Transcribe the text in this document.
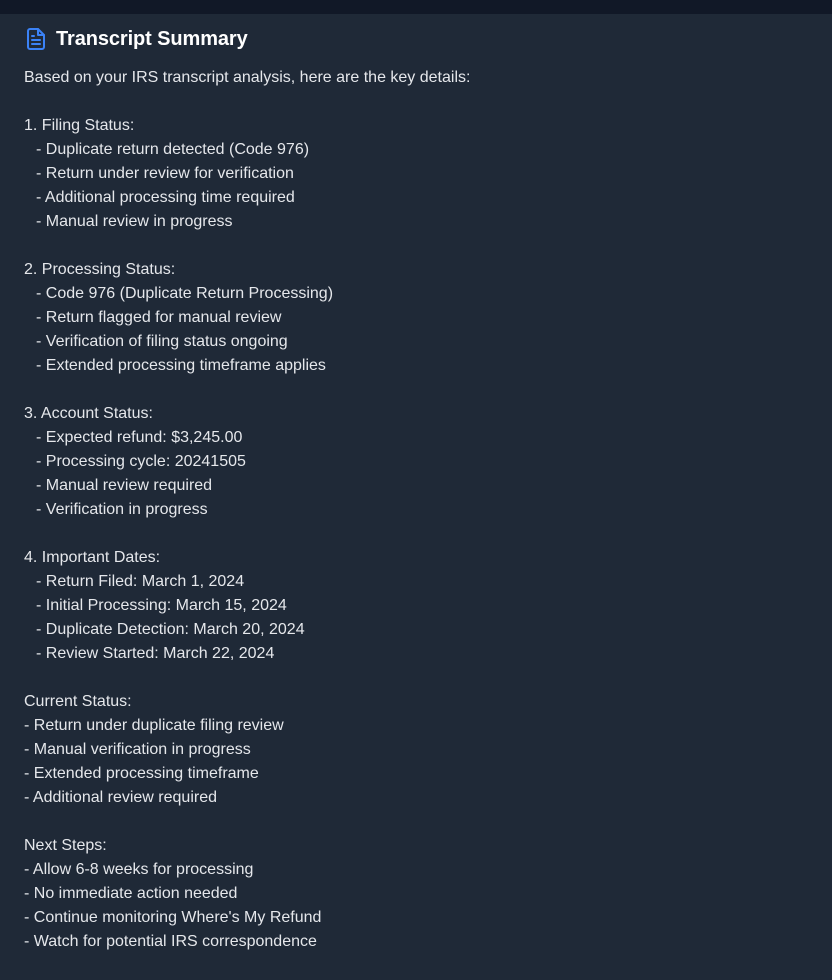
Transcript Summary
Based on your IRS transcript analysis, here are the key details:
1. Filing Status:
- Duplicate return detected (Code 976)
- Return under review for verification
- Additional processing time required
- Manual review in progress
2. Processing Status:
- Code 976 (Duplicate Return Processing)
- Return flagged for manual review
- Verification of filing status ongoing
- Extended processing timeframe applies
3. Account Status:
- Expected refund: $3,245.00
- Processing cycle: 20241505
- Manual review required
- Verification in progress
4. Important Dates:
- Return Filed: March 1, 2024
- Initial Processing: March 15, 2024
- Duplicate Detection: March 20, 2024
- Review Started: March 22, 2024
Current Status:
- Return under duplicate filing review
- Manual verification in progress
- Extended processing timeframe
- Additional review required
Next Steps:
- Allow 6-8 weeks for processing
- No immediate action needed
- Continue monitoring Where's My Refund
- Watch for potential IRS correspondence
